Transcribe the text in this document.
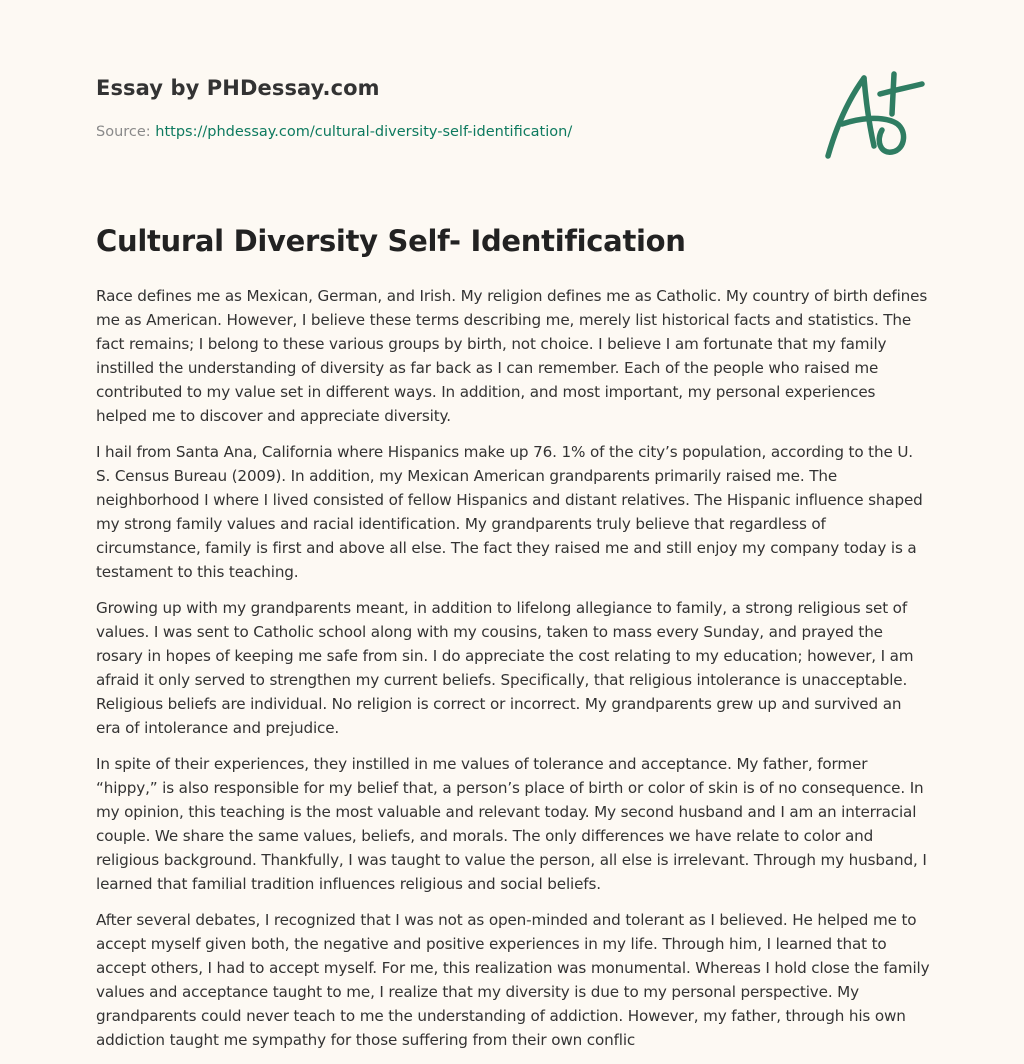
Essay by PHDessay.com
Source: https://phdessay.com/cultural-diversity-self-identification/
Cultural Diversity Self- Identification

Race defines me as Mexican, German, and Irish. My religion defines me as Catholic. My country of birth defines me as American. However, I believe these terms describing me, merely list historical facts and statistics. The fact remains; I belong to these various groups by birth, not choice. I believe I am fortunate that my family instilled the understanding of diversity as far back as I can remember. Each of the people who raised me contributed to my value set in different ways. In addition, and most important, my personal experiences helped me to discover and appreciate diversity.

I hail from Santa Ana, California where Hispanics make up 76. 1% of the city’s population, according to the U. S. Census Bureau (2009). In addition, my Mexican American grandparents primarily raised me. The neighborhood I where I lived consisted of fellow Hispanics and distant relatives. The Hispanic influence shaped my strong family values and racial identification. My grandparents truly believe that regardless of circumstance, family is first and above all else. The fact they raised me and still enjoy my company today is a testament to this teaching.

Growing up with my grandparents meant, in addition to lifelong allegiance to family, a strong religious set of values. I was sent to Catholic school along with my cousins, taken to mass every Sunday, and prayed the rosary in hopes of keeping me safe from sin. I do appreciate the cost relating to my education; however, I am afraid it only served to strengthen my current beliefs. Specifically, that religious intolerance is unacceptable. Religious beliefs are individual. No religion is correct or incorrect. My grandparents grew up and survived an era of intolerance and prejudice.

In spite of their experiences, they instilled in me values of tolerance and acceptance. My father, former “hippy,” is also responsible for my belief that, a person’s place of birth or color of skin is of no consequence. In my opinion, this teaching is the most valuable and relevant today. My second husband and I am an interracial couple. We share the same values, beliefs, and morals. The only differences we have relate to color and religious background. Thankfully, I was taught to value the person, all else is irrelevant. Through my husband, I learned that familial tradition influences religious and social beliefs.

After several debates, I recognized that I was not as open-minded and tolerant as I believed. He helped me to accept myself given both, the negative and positive experiences in my life. Through him, I learned that to accept others, I had to accept myself. For me, this realization was monumental. Whereas I hold close the family values and acceptance taught to me, I realize that my diversity is due to my personal perspective. My grandparents could never teach to me the understanding of addiction. However, my father, through his own addiction taught me sympathy for those suffering from their own conflic
